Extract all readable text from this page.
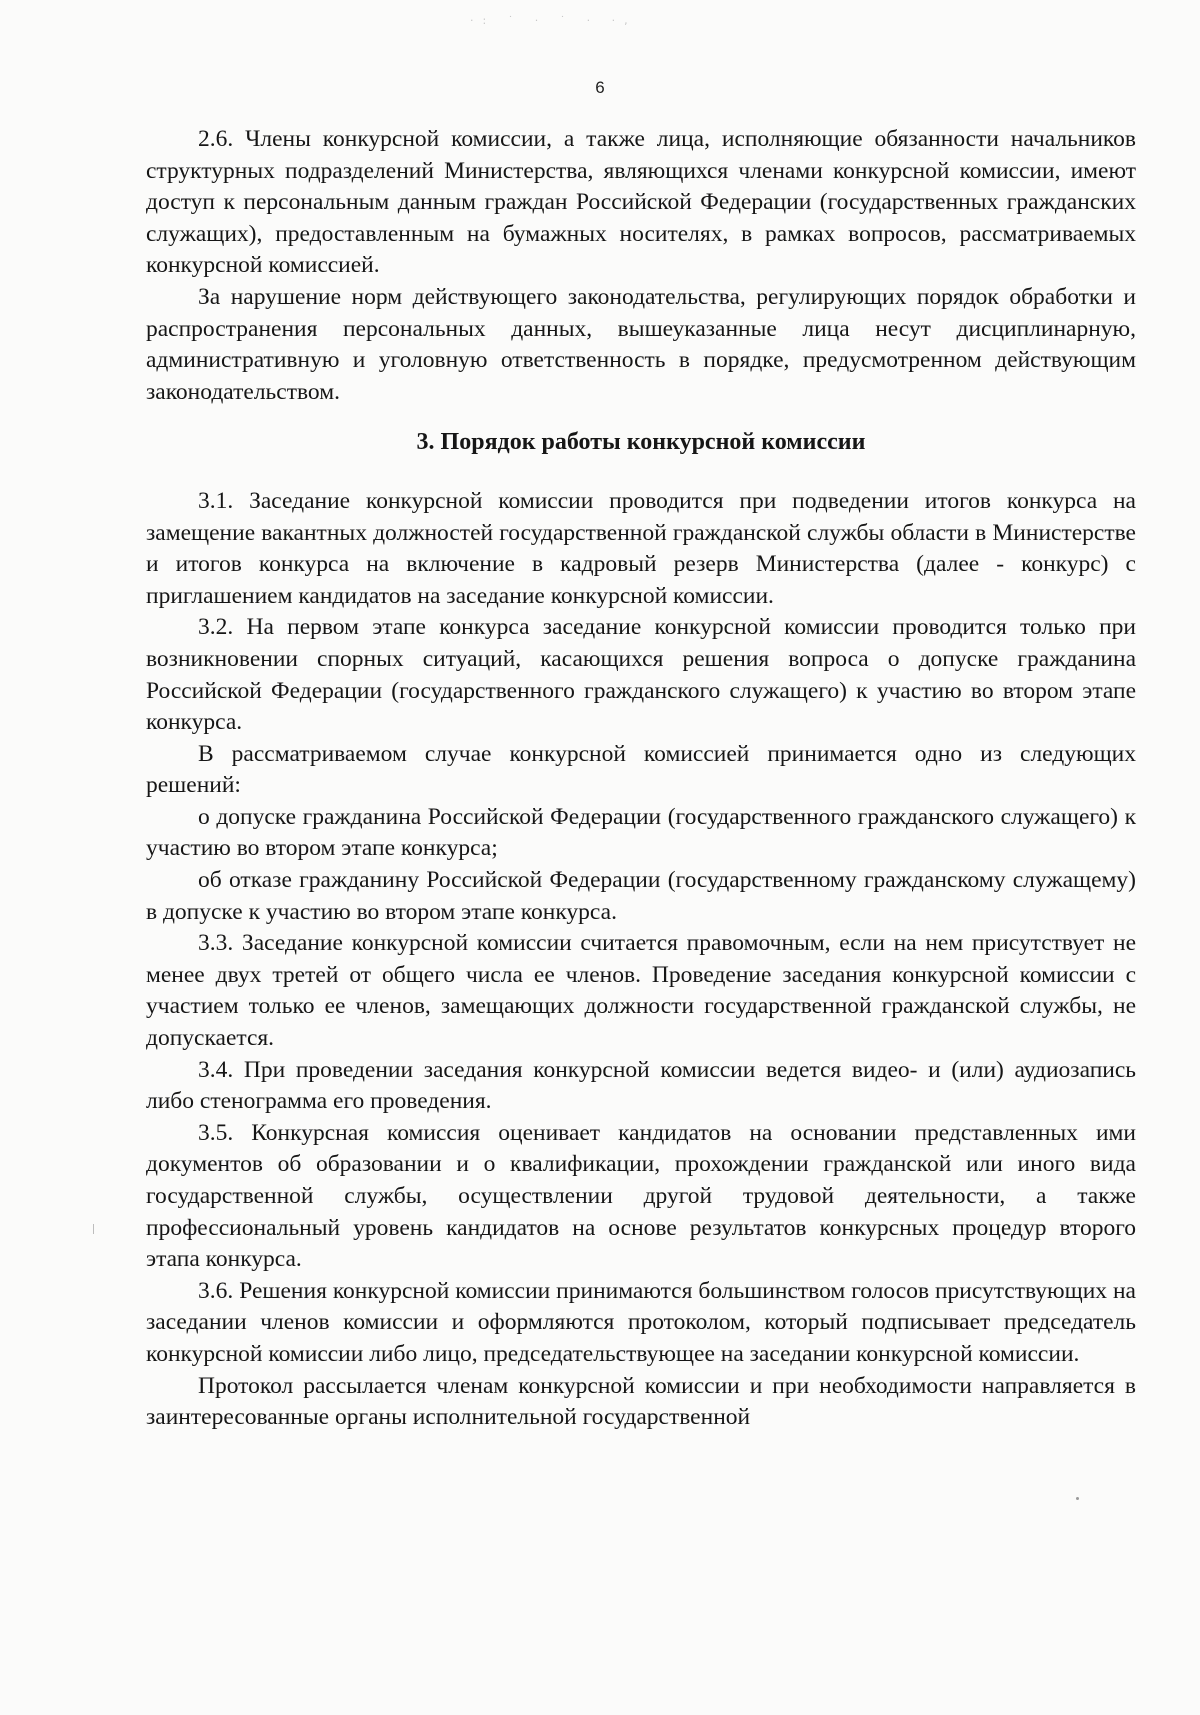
·: ˙ · ˙ · ·,
6

2.6. Члены конкурсной комиссии, а также лица, исполняющие обязанности начальников структурных подразделений Министерства, являющихся членами конкурсной комиссии, имеют доступ к персональным данным граждан Российской Федерации (государственных гражданских служащих), предоставленным на бумажных носителях, в рамках вопросов, рассматриваемых конкурсной комиссией.

За нарушение норм действующего законодательства, регулирующих порядок обработки и распространения персональных данных, вышеуказанные лица несут дисциплинарную, административную и уголовную ответственность в порядке, предусмотренном действующим законодательством.

3. Порядок работы конкурсной комиссии

3.1. Заседание конкурсной комиссии проводится при подведении итогов конкурса на замещение вакантных должностей государственной гражданской службы области в Министерстве и итогов конкурса на включение в кадровый резерв Министерства (далее - конкурс) с приглашением кандидатов на заседание конкурсной комиссии.

3.2. На первом этапе конкурса заседание конкурсной комиссии проводится только при возникновении спорных ситуаций, касающихся решения вопроса о допуске гражданина Российской Федерации (государственного гражданского служащего) к участию во втором этапе конкурса.

В рассматриваемом случае конкурсной комиссией принимается одно из следующих решений:

о допуске гражданина Российской Федерации (государственного гражданского служащего) к участию во втором этапе конкурса;

об отказе гражданину Российской Федерации (государственному гражданскому служащему) в допуске к участию во втором этапе конкурса.

3.3. Заседание конкурсной комиссии считается правомочным, если на нем присутствует не менее двух третей от общего числа ее членов. Проведение заседания конкурсной комиссии с участием только ее членов, замещающих должности государственной гражданской службы, не допускается.

3.4. При проведении заседания конкурсной комиссии ведется видео- и (или) аудиозапись либо стенограмма его проведения.

3.5. Конкурсная комиссия оценивает кандидатов на основании представленных ими документов об образовании и о квалификации, прохождении гражданской или иного вида государственной службы, осуществлении другой трудовой деятельности, а также профессиональный уровень кандидатов на основе результатов конкурсных процедур второго этапа конкурса.

3.6. Решения конкурсной комиссии принимаются большинством голосов присутствующих на заседании членов комиссии и оформляются протоколом, который подписывает председатель конкурсной комиссии либо лицо, председательствующее на заседании конкурсной комиссии.

Протокол рассылается членам конкурсной комиссии и при необходимости направляется в заинтересованные органы исполнительной государственной
